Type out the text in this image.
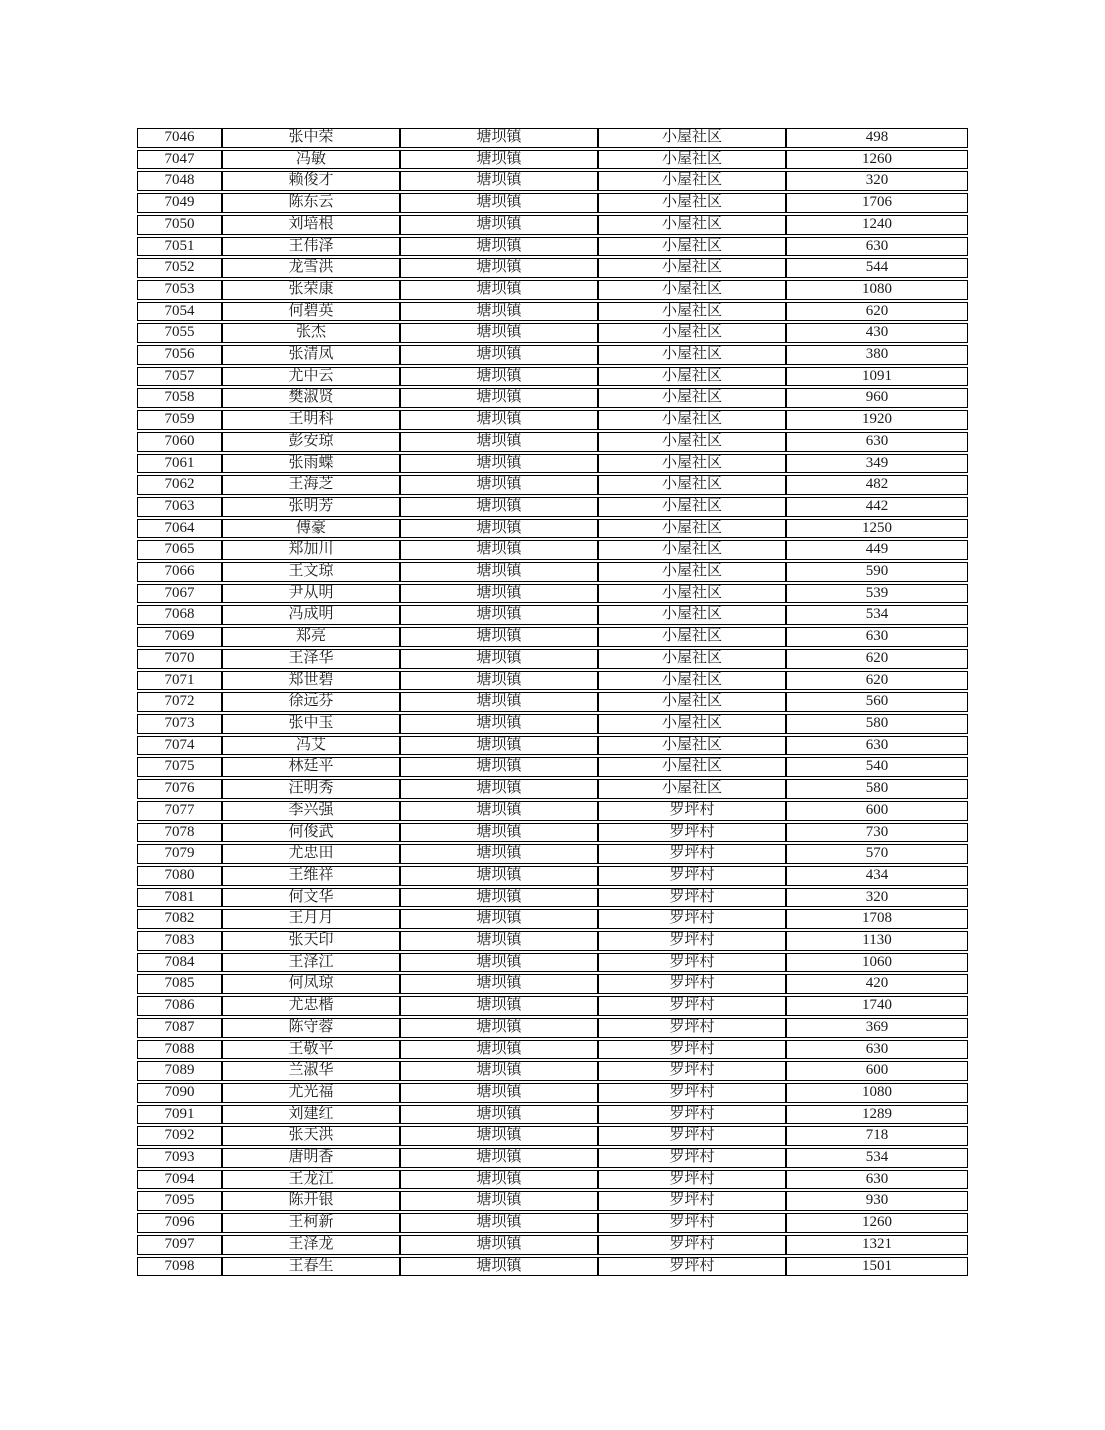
7046	张中荣	塘坝镇	小屋社区	498
7047	冯敏	塘坝镇	小屋社区	1260
7048	赖俊才	塘坝镇	小屋社区	320
7049	陈东云	塘坝镇	小屋社区	1706
7050	刘培根	塘坝镇	小屋社区	1240
7051	王伟泽	塘坝镇	小屋社区	630
7052	龙雪洪	塘坝镇	小屋社区	544
7053	张荣康	塘坝镇	小屋社区	1080
7054	何碧英	塘坝镇	小屋社区	620
7055	张杰	塘坝镇	小屋社区	430
7056	张清凤	塘坝镇	小屋社区	380
7057	尤中云	塘坝镇	小屋社区	1091
7058	樊淑贤	塘坝镇	小屋社区	960
7059	王明科	塘坝镇	小屋社区	1920
7060	彭安琼	塘坝镇	小屋社区	630
7061	张雨蝶	塘坝镇	小屋社区	349
7062	王海芝	塘坝镇	小屋社区	482
7063	张明芳	塘坝镇	小屋社区	442
7064	傅豪	塘坝镇	小屋社区	1250
7065	郑加川	塘坝镇	小屋社区	449
7066	王文琼	塘坝镇	小屋社区	590
7067	尹从明	塘坝镇	小屋社区	539
7068	冯成明	塘坝镇	小屋社区	534
7069	郑亮	塘坝镇	小屋社区	630
7070	王泽华	塘坝镇	小屋社区	620
7071	郑世碧	塘坝镇	小屋社区	620
7072	徐远芬	塘坝镇	小屋社区	560
7073	张中玉	塘坝镇	小屋社区	580
7074	冯艾	塘坝镇	小屋社区	630
7075	林廷平	塘坝镇	小屋社区	540
7076	汪明秀	塘坝镇	小屋社区	580
7077	李兴强	塘坝镇	罗坪村	600
7078	何俊武	塘坝镇	罗坪村	730
7079	尤忠田	塘坝镇	罗坪村	570
7080	王维祥	塘坝镇	罗坪村	434
7081	何文华	塘坝镇	罗坪村	320
7082	王月月	塘坝镇	罗坪村	1708
7083	张天印	塘坝镇	罗坪村	1130
7084	王泽江	塘坝镇	罗坪村	1060
7085	何凤琼	塘坝镇	罗坪村	420
7086	尤忠楷	塘坝镇	罗坪村	1740
7087	陈守蓉	塘坝镇	罗坪村	369
7088	王敬平	塘坝镇	罗坪村	630
7089	兰淑华	塘坝镇	罗坪村	600
7090	尤光福	塘坝镇	罗坪村	1080
7091	刘建红	塘坝镇	罗坪村	1289
7092	张天洪	塘坝镇	罗坪村	718
7093	唐明香	塘坝镇	罗坪村	534
7094	王龙江	塘坝镇	罗坪村	630
7095	陈开银	塘坝镇	罗坪村	930
7096	王柯新	塘坝镇	罗坪村	1260
7097	王泽龙	塘坝镇	罗坪村	1321
7098	王春生	塘坝镇	罗坪村	1501
